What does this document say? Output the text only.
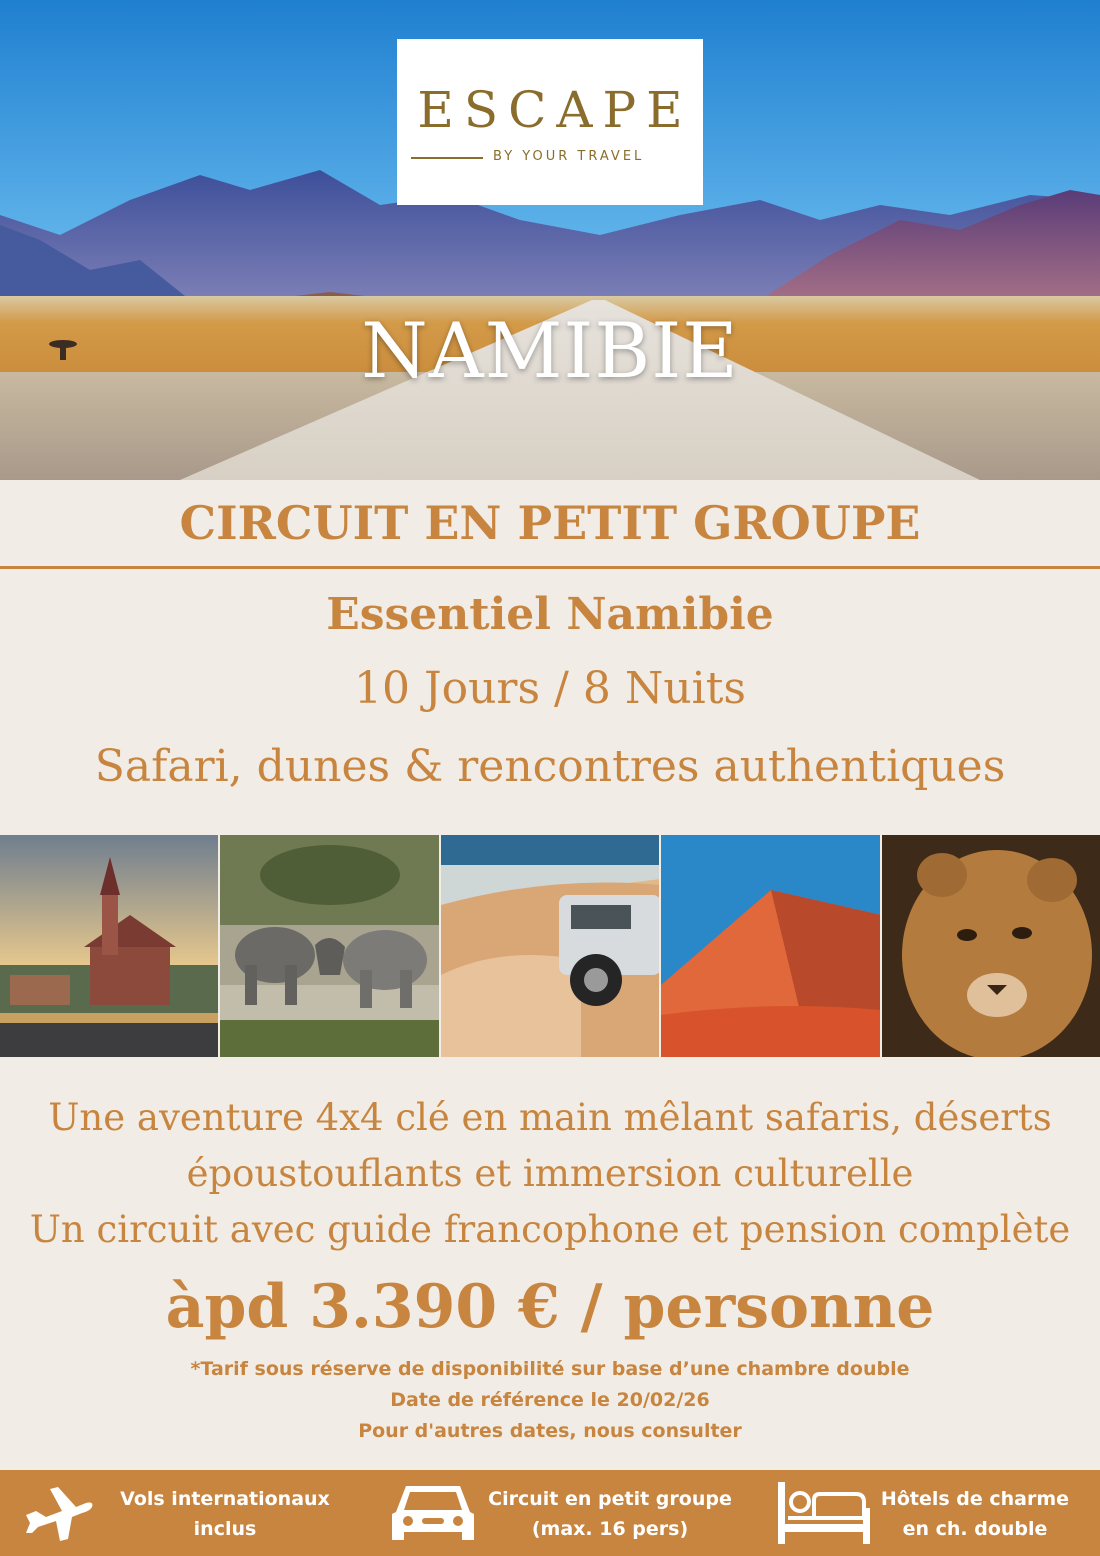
ESCAPE
BY YOUR TRAVEL
NAMIBIE
CIRCUIT EN PETIT GROUPE
Essentiel Namibie
10 Jours / 8 Nuits
Safari, dunes & rencontres authentiques
Une aventure 4x4 clé en main mêlant safaris, déserts
époustouflants et immersion culturelle
Un circuit avec guide francophone et pension complète
àpd 3.390 € / personne
*Tarif sous réserve de disponibilité sur base d’une chambre double
Date de référence le 20/02/26
Pour d'autres dates, nous consulter
Vols internationaux
inclus
Circuit en petit groupe
(max. 16 pers)
Hôtels de charme
en ch. double
